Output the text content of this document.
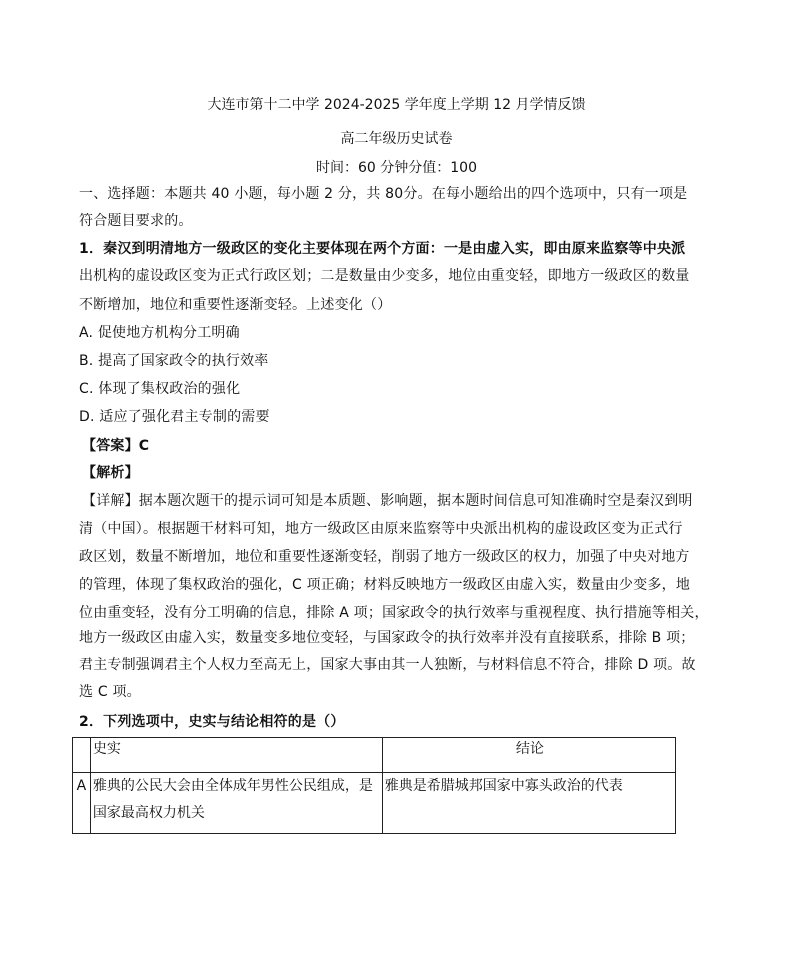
大连市第十二中学 2024-2025 学年度上学期 12 月学情反馈
高二年级历史试卷
时间：60 分钟分值：100
一、选择题：本题共 40 小题，每小题 2 分，共 80分。在每小题给出的四个选项中，只有一项是
符合题目要求的。
1．秦汉到明清地方一级政区的变化主要体现在两个方面：一是由虚入实，即由原来监察等中央派
出机构的虚设政区变为正式行政区划；二是数量由少变多，地位由重变轻，即地方一级政区的数量
不断增加，地位和重要性逐渐变轻。上述变化（）
A. 促使地方机构分工明确
B. 提高了国家政令的执行效率
C. 体现了集权政治的强化
D. 适应了强化君主专制的需要
【答案】C
【解析】
【详解】据本题次题干的提示词可知是本质题、影响题，据本题时间信息可知准确时空是秦汉到明
清（中国）。根据题干材料可知，地方一级政区由原来监察等中央派出机构的虚设政区变为正式行
政区划，数量不断增加，地位和重要性逐渐变轻，削弱了地方一级政区的权力，加强了中央对地方
的管理，体现了集权政治的强化，C 项正确；材料反映地方一级政区由虚入实，数量由少变多，地
位由重变轻，没有分工明确的信息，排除 A 项；国家政令的执行效率与重视程度、执行措施等相关，
地方一级政区由虚入实，数量变多地位变轻，与国家政令的执行效率并没有直接联系，排除 B 项；
君主专制强调君主个人权力至高无上，国家大事由其一人独断，与材料信息不符合，排除 D 项。故
选 C 项。
2．下列选项中，史实与结论相符的是（）
	史实	结论
A	雅典的公民大会由全体成年男性公民组成，是
国家最高权力机关	雅典是希腊城邦国家中寡头政治的代表
